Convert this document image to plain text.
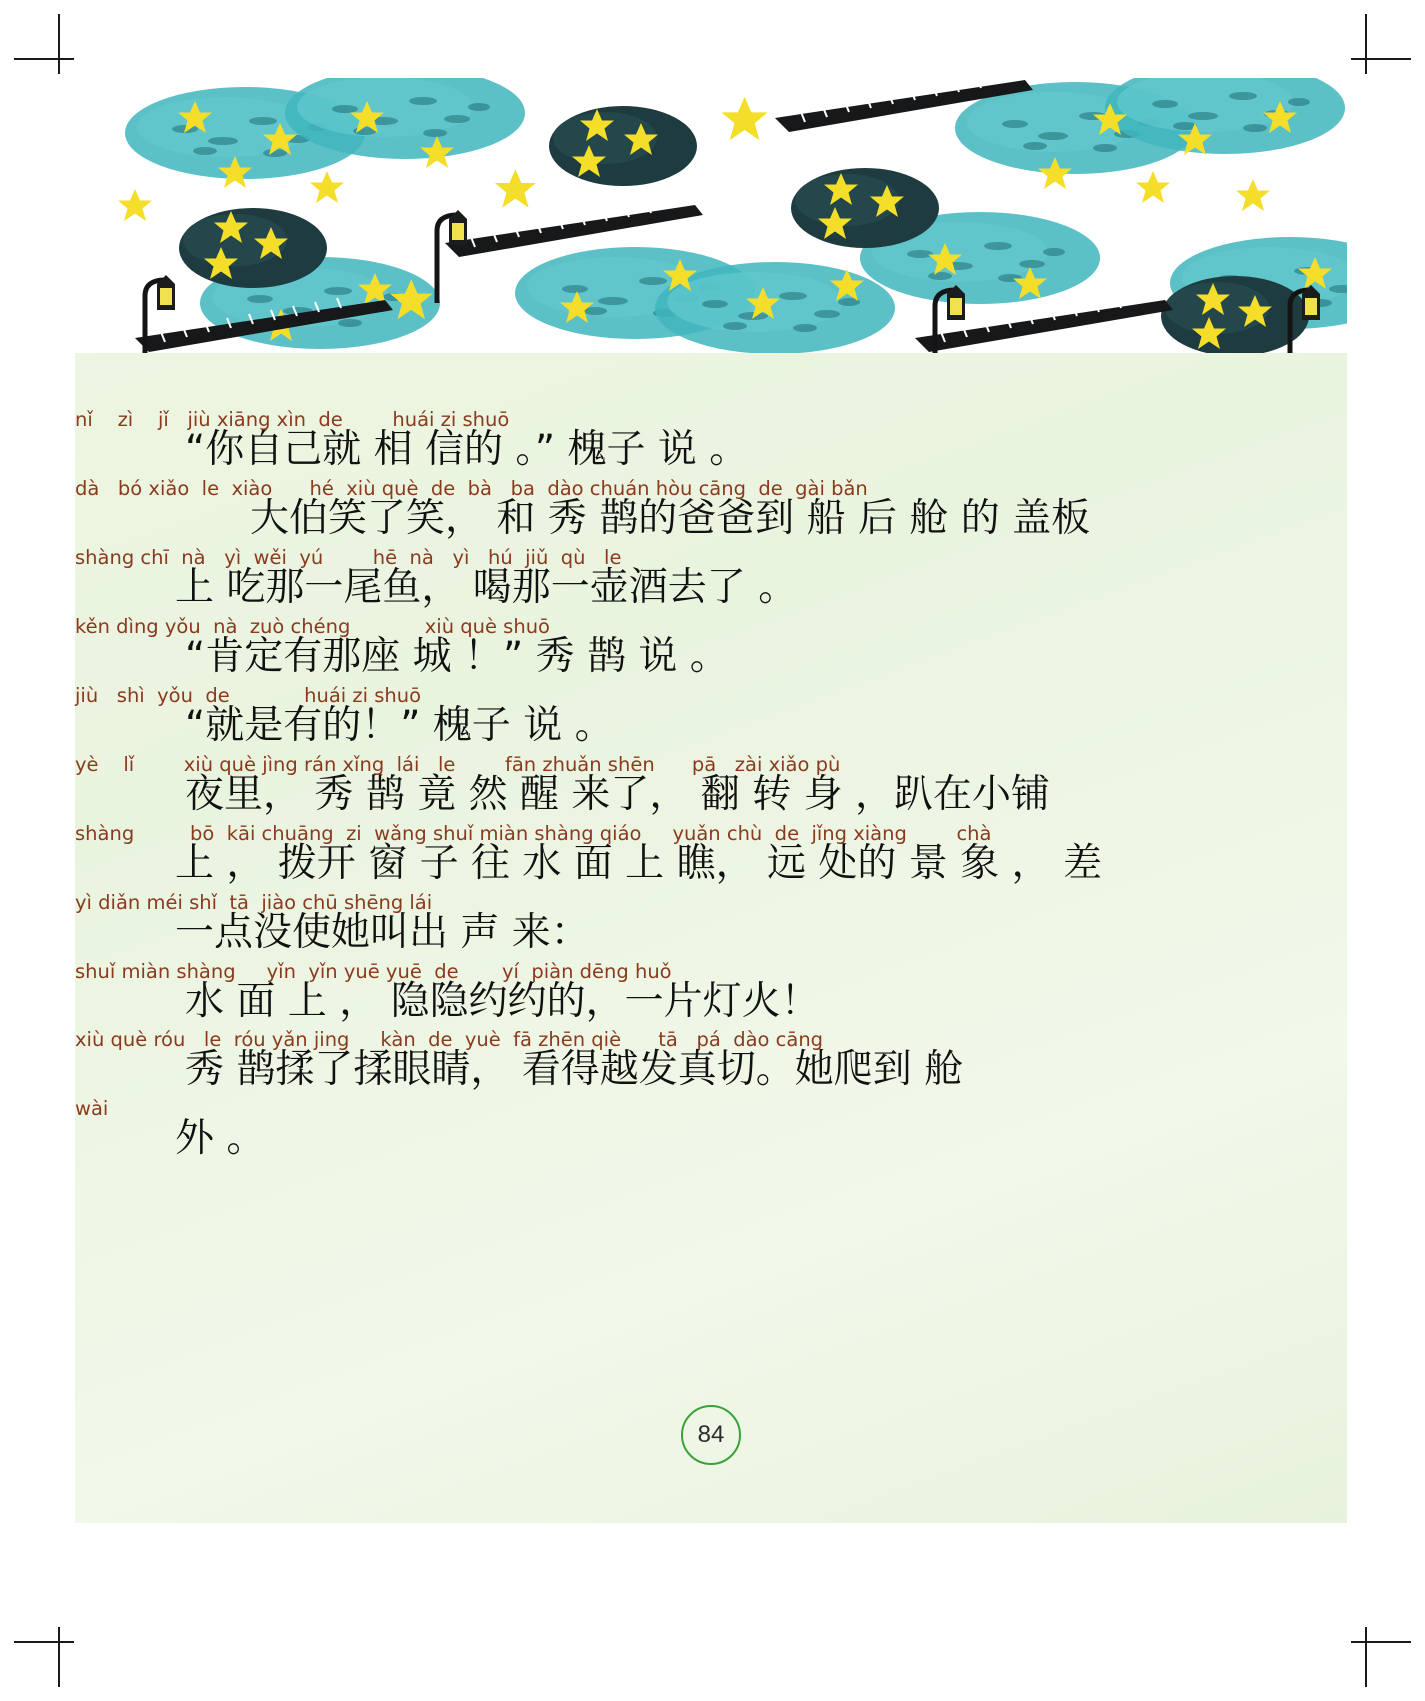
nǐ    zì    jǐ   jiù xiāng xìn  de        huái zi shuō
“你自己就 相 信的 。” 槐子 说 。
dà   bó xiǎo  le  xiào      hé  xiù què  de  bà   ba  dào chuán hòu cāng  de  gài bǎn
大伯笑了笑， 和 秀 鹊的爸爸到 船 后 舱 的 盖板
shàng chī  nà   yì  wěi  yú        hē  nà   yì   hú  jiǔ  qù   le
上 吃那一尾鱼， 喝那一壶酒去了 。
kěn dìng yǒu  nà  zuò chéng            xiù què shuō
“肯定有那座 城 ！” 秀 鹊 说 。
jiù   shì  yǒu  de            huái zi shuō
“就是有的！” 槐子 说 。
yè    lǐ        xiù què jìng rán xǐng  lái   le        fān zhuǎn shēn      pā   zài xiǎo pù
夜里， 秀 鹊 竟 然 醒 来了， 翻 转 身 ，趴在小铺
shàng         bō  kāi chuāng  zi  wǎng shuǐ miàn shàng qiáo     yuǎn chù  de  jǐng xiàng        chà
上 ， 拨开 窗 子 往 水 面 上 瞧， 远 处的 景 象 ， 差
yì diǎn méi shǐ  tā  jiào chū shēng lái
一点没使她叫出 声 来：
shuǐ miàn shàng     yǐn  yǐn yuē yuē  de       yí  piàn dēng huǒ
水 面 上 ， 隐隐约约的，一片灯火！
xiù què róu   le  róu yǎn jing     kàn  de  yuè  fā zhēn qiè      tā   pá  dào cāng
秀 鹊揉了揉眼睛， 看得越发真切。她爬到 舱
wài
外 。
84
